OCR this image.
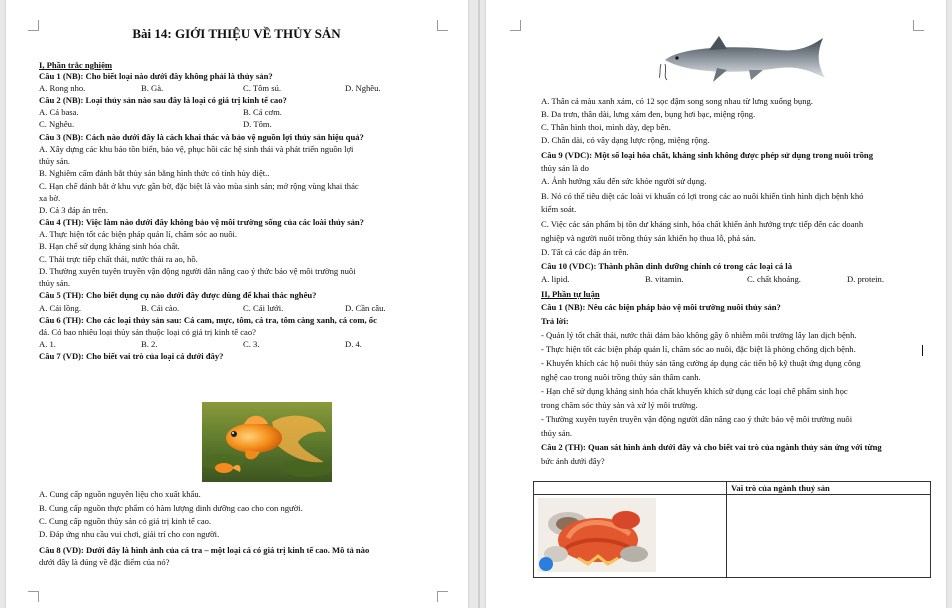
Bài 14: GIỚI THIỆU VỀ THỦY SẢN
I, Phần trắc nghiệm
Câu 1 (NB): Cho biết loại nào dưới đây không phải là thủy sản?
A. Rong nho.	B. Gà.	C. Tôm sú.	D. Nghêu.
Câu 2 (NB): Loại thủy sản nào sau đây là loại có giá trị kinh tế cao?
A. Cá basa.	B. Cá cơm.
C. Nghêu.	D. Tôm.
Câu 3 (NB): Cách nào dưới đây là cách khai thác và bảo vệ nguồn lợi thủy sản hiệu quả?
A. Xây dựng các khu bảo tồn biển, bảo vệ, phục hồi các hệ sinh thái và phát triển nguồn lợi
thủy sản.
B. Nghiêm cấm đánh bắt thủy sản bằng hình thức có tính hủy diệt..
C. Hạn chế đánh bắt ở khu vực gần bờ, đặc biệt là vào mùa sinh sản; mở rộng vùng khai thác
xa bờ.
D. Cả 3 đáp án trên.
Câu 4 (TH): Việc làm nào dưới đây không bảo vệ môi trường sống của các loài thủy sản?
A. Thực hiện tốt các biện pháp quản lí, chăm sóc ao nuôi.
B. Hạn chế sử dụng kháng sinh hóa chất.
C. Thải trực tiếp chất thải, nước thải ra ao, hồ.
D. Thường xuyên tuyên truyền vận động người dân nâng cao ý thức bảo vệ môi trường nuôi
thủy sản.
Câu 5 (TH): Cho biết dụng cụ nào dưới đây được dùng để khai thác nghêu?
A. Cái lồng.	B. Cái cào.	C. Cái lưới.	D. Cần câu.
Câu 6 (TH): Cho các loại thủy sản sau: Cá cam, mực, tôm, cá tra, tôm càng xanh, cá com, ốc
đá. Có bao nhiêu loại thủy sản thuộc loại có giá trị kinh tế cao?
A. 1.	B. 2.	C. 3.	D. 4.
Câu 7 (VD): Cho biết vai trò của loại cá dưới đây?
A. Cung cấp nguồn nguyên liệu cho xuất khẩu.
B. Cung cấp nguồn thực phẩm có hàm lượng dinh dưỡng cao cho con người.
C. Cung cấp nguồn thủy sản có giá trị kinh tế cao.
D. Đáp ứng nhu cầu vui chơi, giải trí cho con người.
Câu 8 (VD): Dưới đây là hình ảnh của cá tra – một loại cá có giá trị kinh tế cao. Mô tả nào
dưới đây là đúng về đặc điểm của nó?
A. Thân cá màu xanh xám, có 12 sọc đậm song song nhau từ lưng xuống bụng.
B. Da trơn, thân dài, lưng xám đen, bụng hơi bạc, miệng rộng.
C. Thân hình thoi, mình dày, dẹp bên.
D. Chân dài, có vây dạng lược rộng, miệng rộng.
Câu 9 (VDC): Một số loại hóa chất, kháng sinh không được phép sử dụng trong nuôi trồng
thủy sản là do
A. Ảnh hưởng xấu đến sức khỏe người sử dụng.
B. Nó có thể tiêu diệt các loài vi khuẩn có lợi trong các ao nuôi khiến tình hình dịch bệnh khó
kiểm soát.
C. Việc các sản phẩm bị tồn dư kháng sinh, hóa chất khiến ảnh hưởng trực tiếp đến các doanh
nghiệp và người nuôi trồng thủy sản khiến họ thua lỗ, phá sản.
D. Tất cả các đáp án trên.
Câu 10 (VDC): Thành phần dinh dưỡng chính có trong các loại cá là
A. lipid.	B. vitamin.	C. chất khoáng.	D. protein.
II, Phần tự luận
Câu 1 (NB): Nêu các biện pháp bảo vệ môi trường nuôi thủy sản?
Trả lời:
- Quản lý tốt chất thải, nước thải đảm bảo không gây ô nhiễm môi trường lây lan dịch bệnh.
- Thực hiện tốt các biện pháp quản lí, chăm sóc ao nuôi, đặc biệt là phòng chống dịch bệnh.
- Khuyến khích các hộ nuôi thủy sản tăng cường áp dụng các tiến bộ kỹ thuật ứng dụng công
nghệ cao trong nuôi trồng thủy sản thâm canh.
- Hạn chế sử dụng kháng sinh hóa chất khuyến khích sử dụng các loại chế phẩm sinh học
trong chăm sóc thủy sản và xử lý môi trường.
- Thường xuyên tuyên truyền vận động người dân nâng cao ý thức bảo vệ môi trường nuôi
thủy sản.
Câu 2 (TH): Quan sát hình ảnh dưới đây và cho biết vai trò của ngành thủy sản ứng với từng
bức ảnh dưới đây?
	Vai trò của ngành thuỷ sản
